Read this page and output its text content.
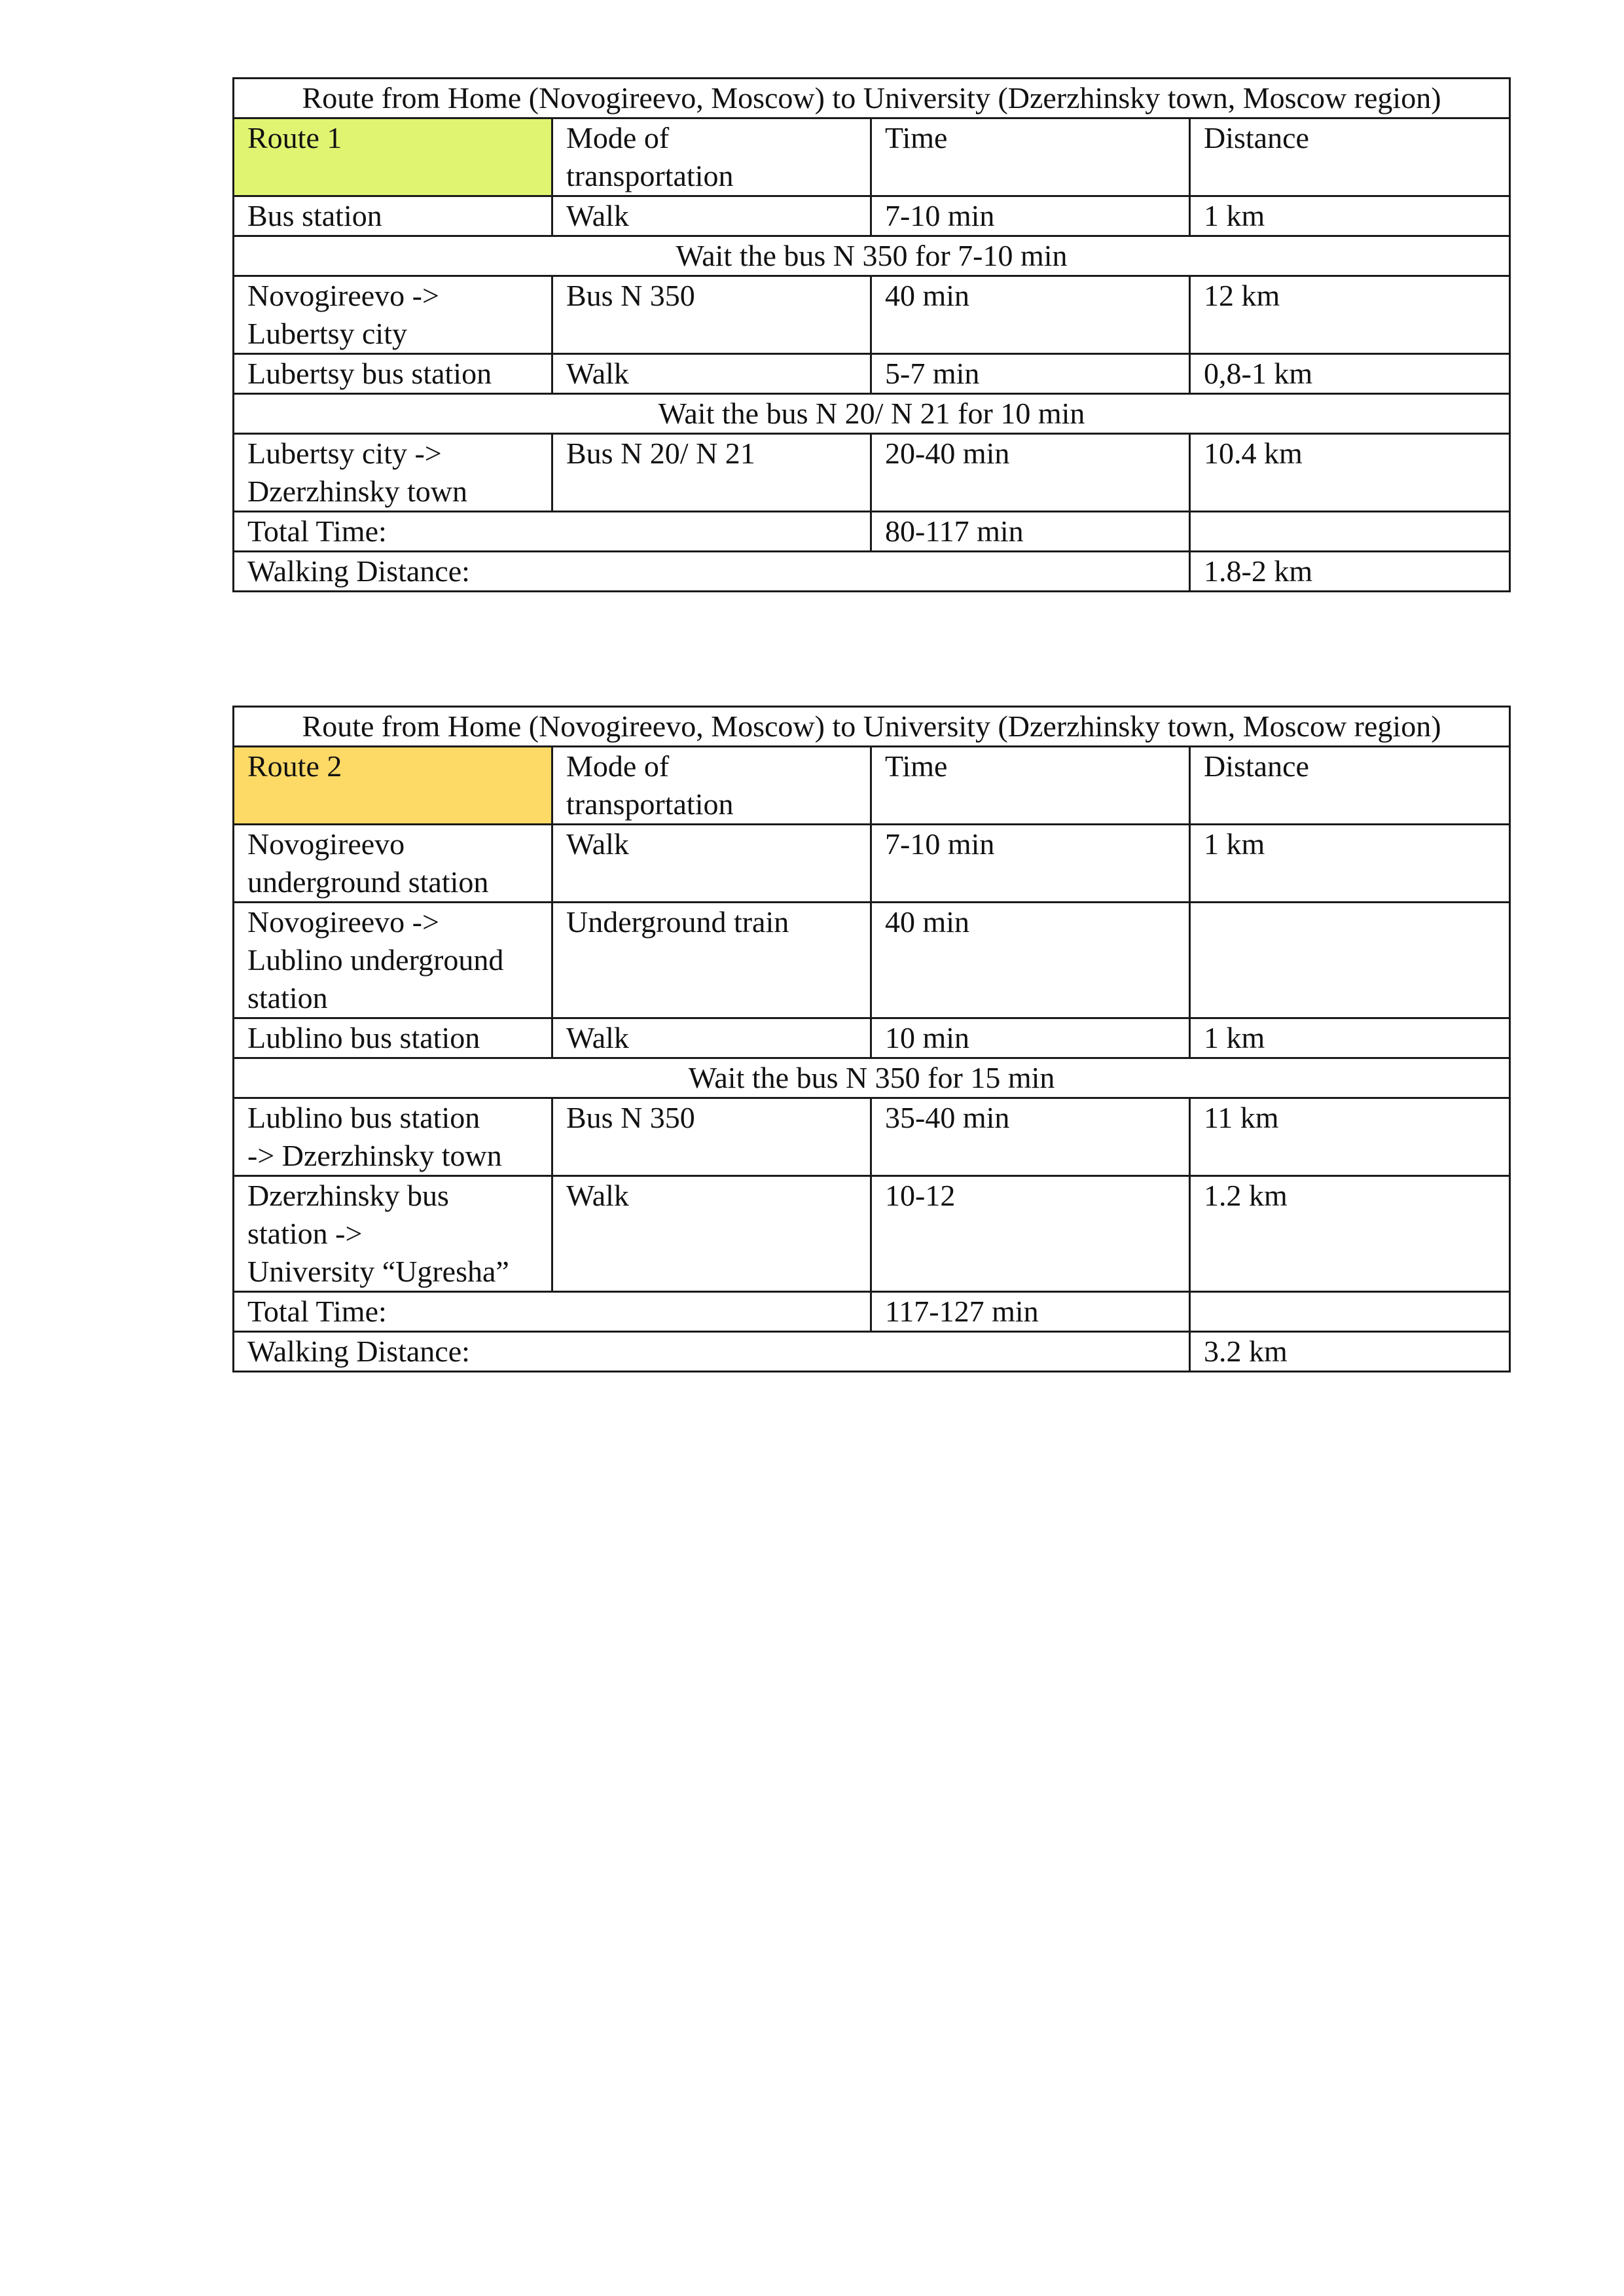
Route from Home (Novogireevo, Moscow) to University (Dzerzhinsky town, Moscow region)			
Route 1	Mode of
transportation	Time	Distance
Bus station	Walk	7-10 min	1 km
Wait the bus N 350 for 7-10 min			
Novogireevo ->
Lubertsy city	Bus N 350	40 min	12 km
Lubertsy bus station	Walk	5-7 min	0,8-1 km
Wait the bus N 20/ N 21 for 10 min			
Lubertsy city ->
Dzerzhinsky town	Bus N 20/ N 21	20-40 min	10.4 km
Total Time:		80-117 min	
Walking Distance:			1.8-2 km
Route from Home (Novogireevo, Moscow) to University (Dzerzhinsky town, Moscow region)			
Route 2	Mode of
transportation	Time	Distance
Novogireevo
underground station	Walk	7-10 min	1 km
Novogireevo ->
Lublino underground
station	Underground train	40 min	
Lublino bus station	Walk	10 min	1 km
Wait the bus N 350 for 15 min			
Lublino bus station
-> Dzerzhinsky town	Bus N 350	35-40 min	11 km
Dzerzhinsky bus
station ->
University “Ugresha”	Walk	10-12	1.2 km
Total Time:		117-127 min	
Walking Distance:			3.2 km
